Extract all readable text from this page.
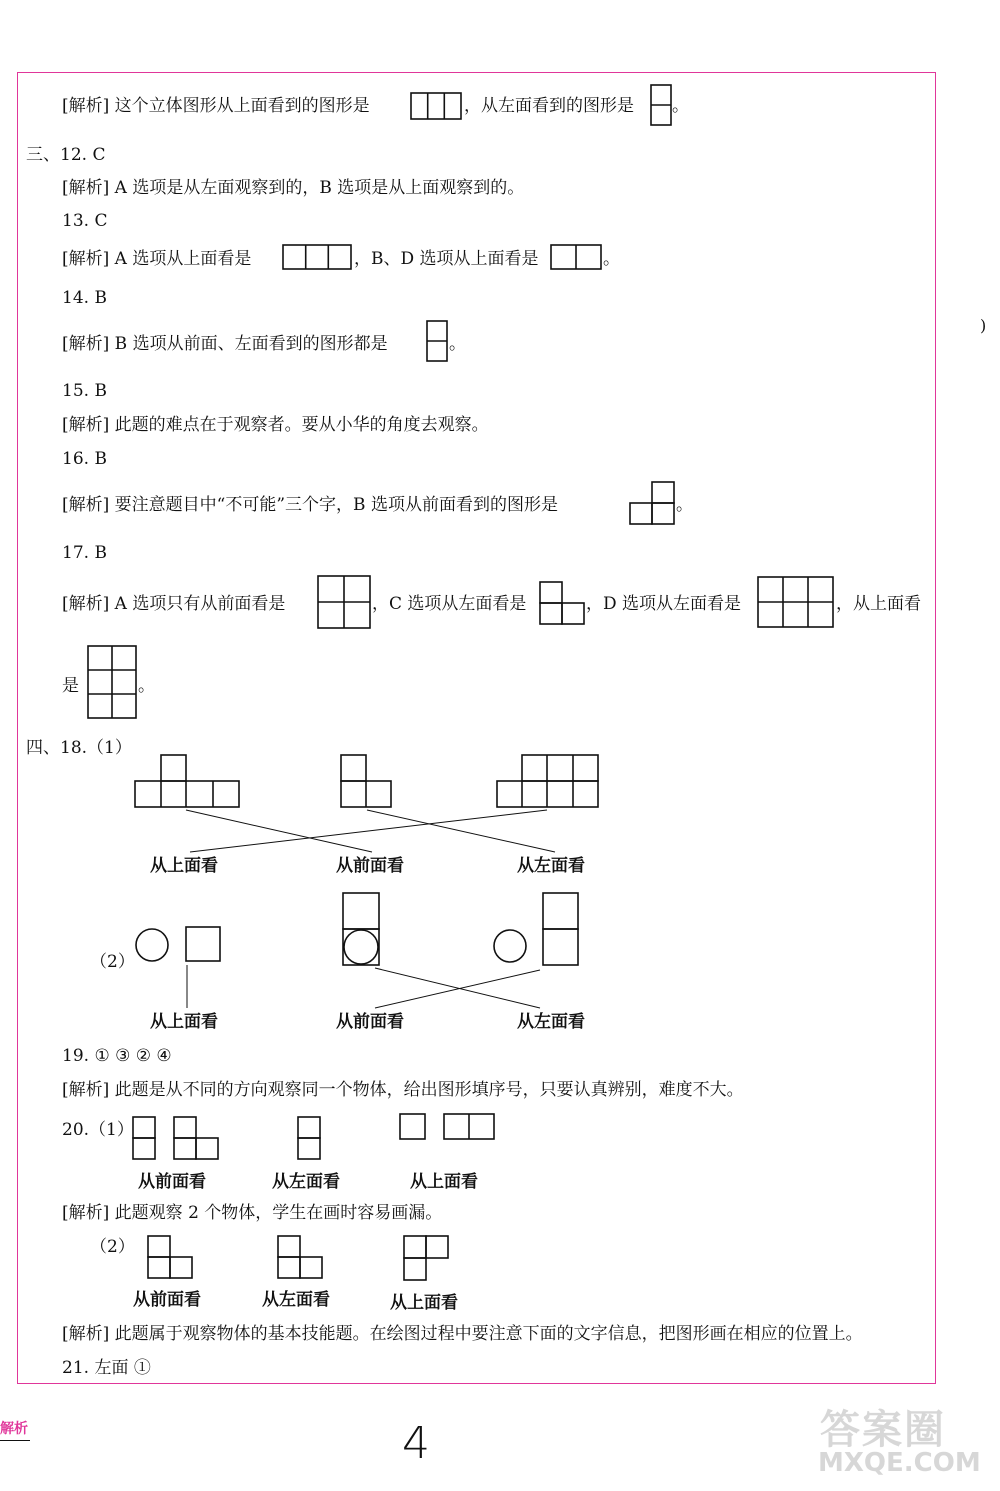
)
[解析] 这个立体图形从上面看到的图形是	，从左面看到的图形是 。
三、12. C
[解析] A 选项是从左面观察到的，B 选项是从上面观察到的。
13. C
[解析] A 选项从上面看是	，B、D 选项从上面看是	。
14. B
[解析] B 选项从前面、左面看到的图形都是	。
15. B
[解析] 此题的难点在于观察者。要从小华的角度去观察。
16. B
[解析] 要注意题目中“不可能”三个字，B 选项从前面看到的图形是	。
17. B
[解析] A 选项只有从前面看是	，C 选项从左面看是	，D 选项从左面看是	，从上面看
是	。
四、18.（1）
从上面看	从前面看	从左面看
（2）
从上面看	从前面看	从左面看
19. ① ③ ② ④
[解析] 此题是从不同的方向观察同一个物体，给出图形填序号，只要认真辨别，难度不大。
20.（1）
从前面看	从左面看	从上面看
[解析] 此题观察 2 个物体，学生在画时容易画漏。
（2）
从前面看	从左面看	从上面看
[解析] 此题属于观察物体的基本技能题。在绘图过程中要注意下面的文字信息，把图形画在相应的位置上。
21. 左面 ①
解析	4	答案圈
MXQE.COM
